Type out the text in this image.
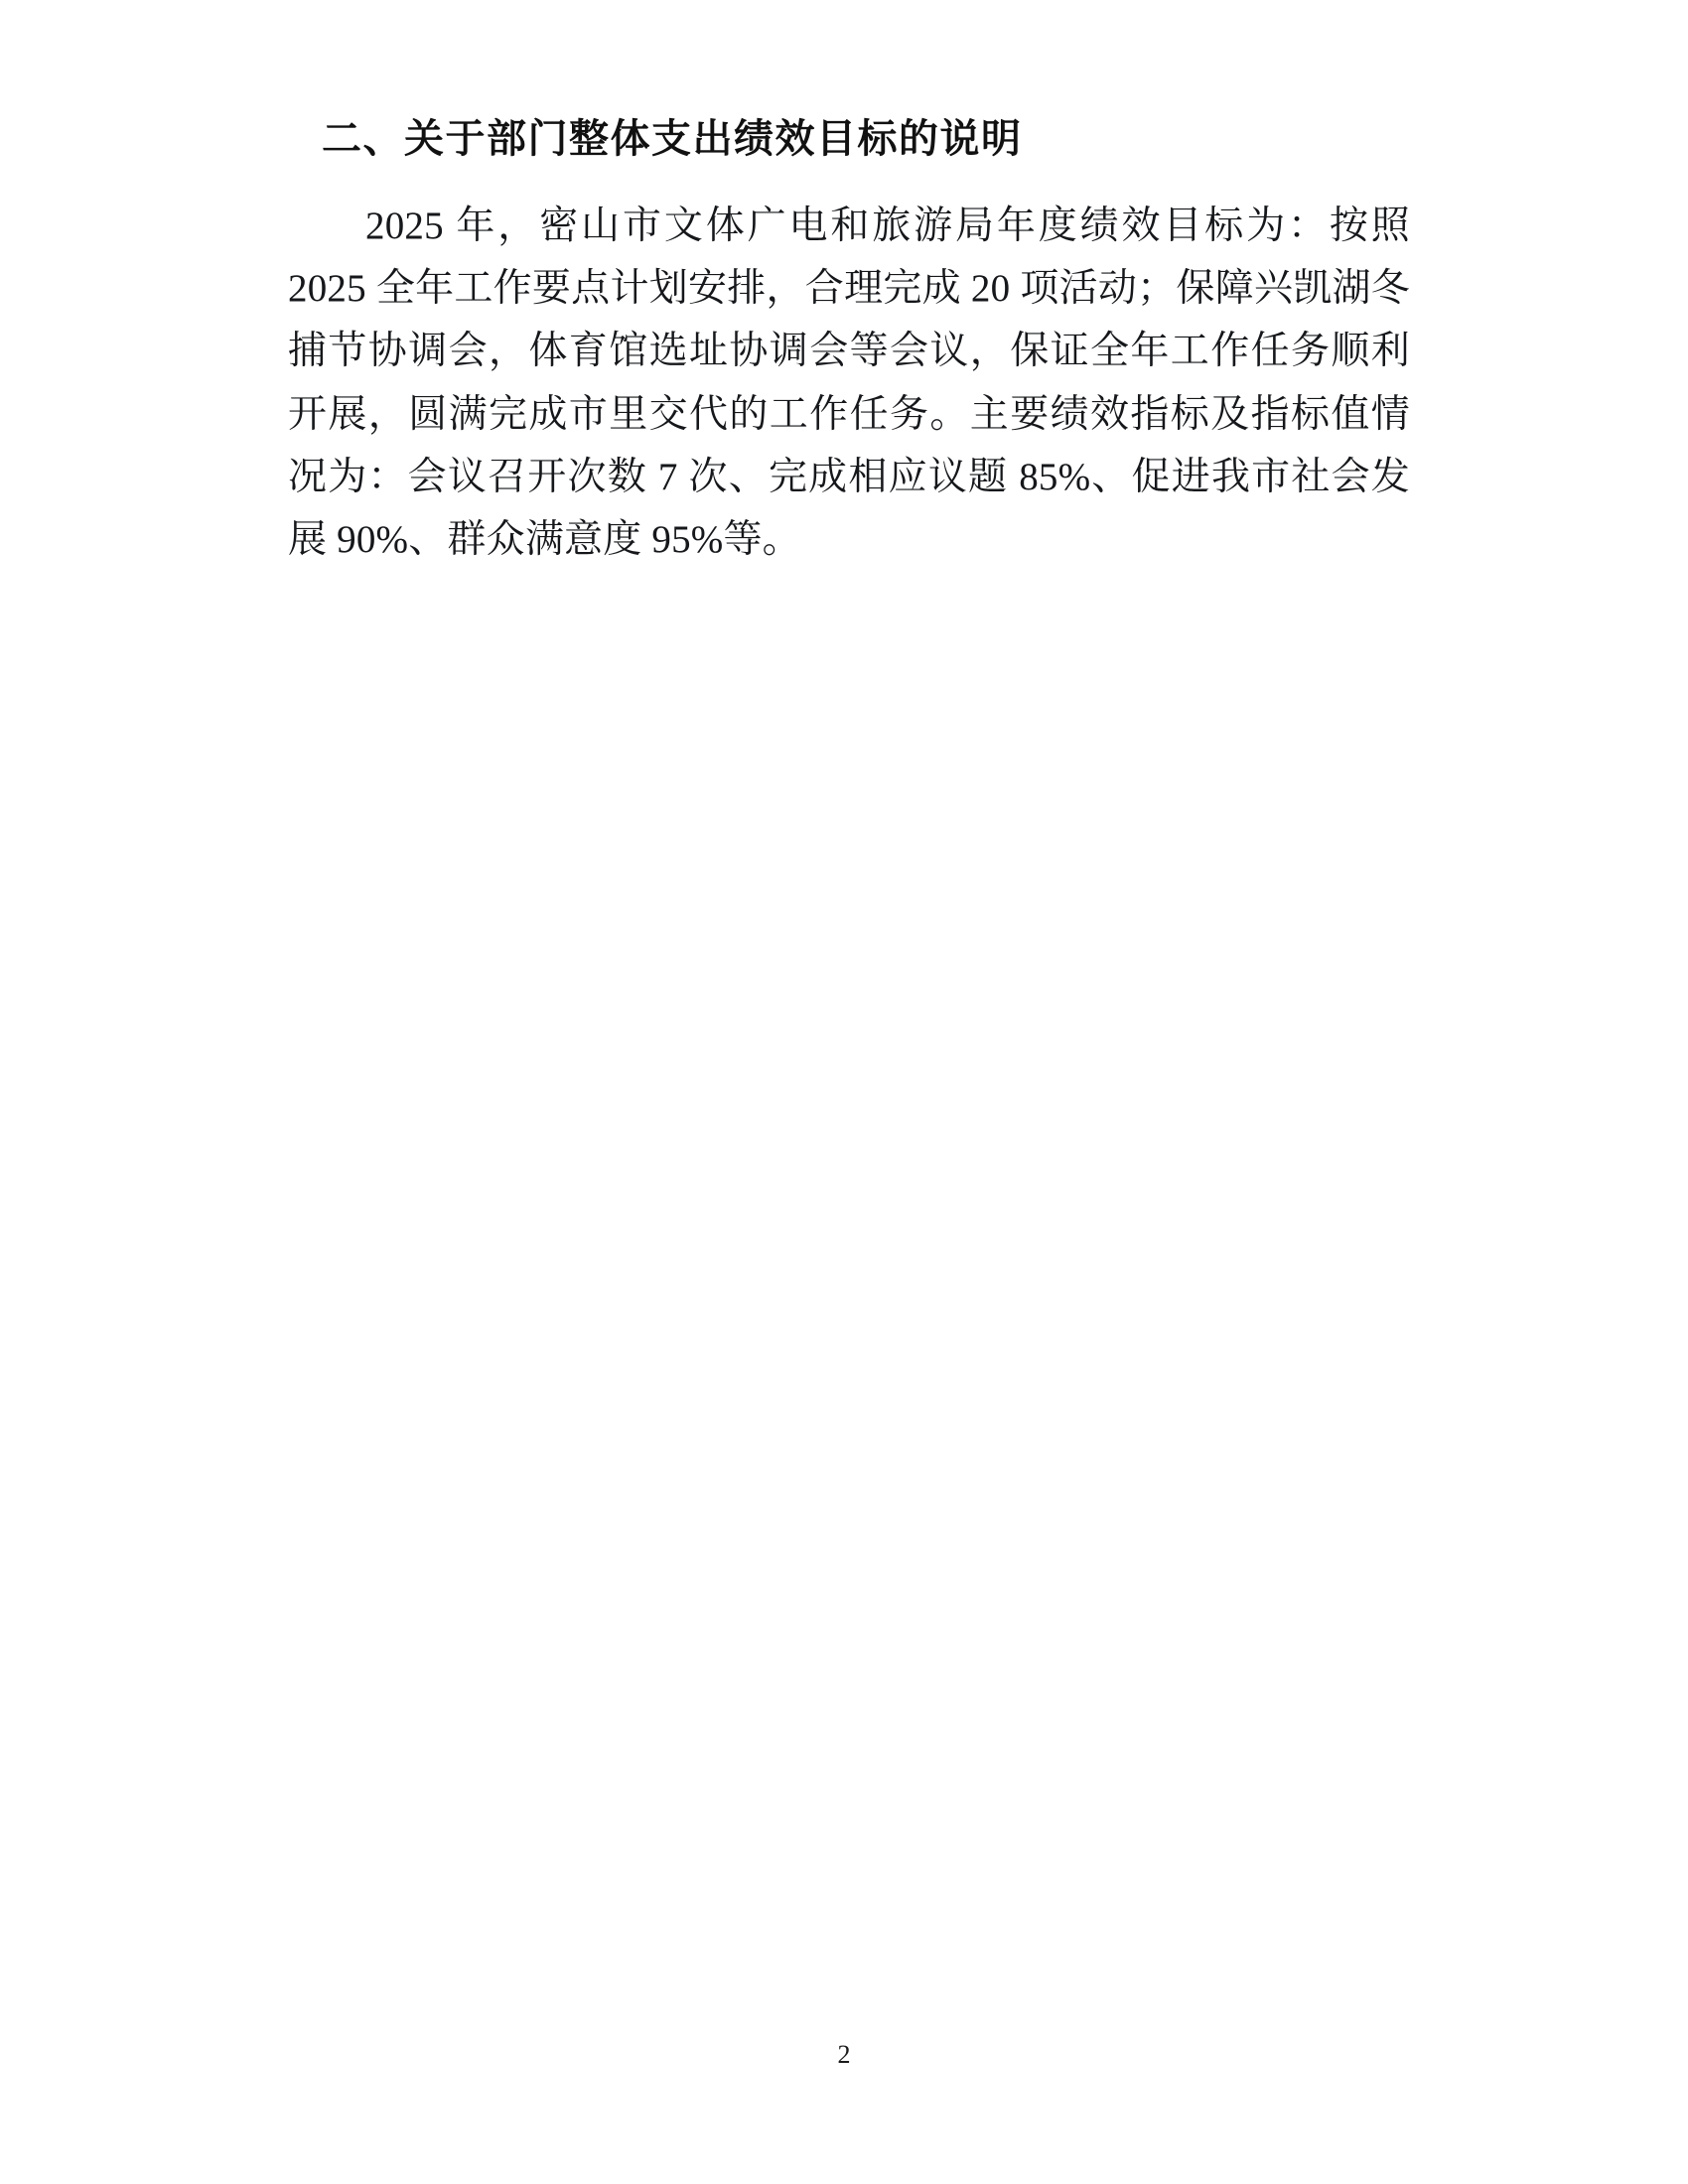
二、关于部门整体支出绩效目标的说明

2025 年，密山市文体广电和旅游局年度绩效目标为：按照 2025 全年工作要点计划安排，合理完成 20 项活动；保障兴凯湖冬捕节协调会，体育馆选址协调会等会议，保证全年工作任务顺利开展，圆满完成市里交代的工作任务。主要绩效指标及指标值情况为：会议召开次数 7 次、完成相应议题 85%、促进我市社会发展 90%、群众满意度 95%等。

2
